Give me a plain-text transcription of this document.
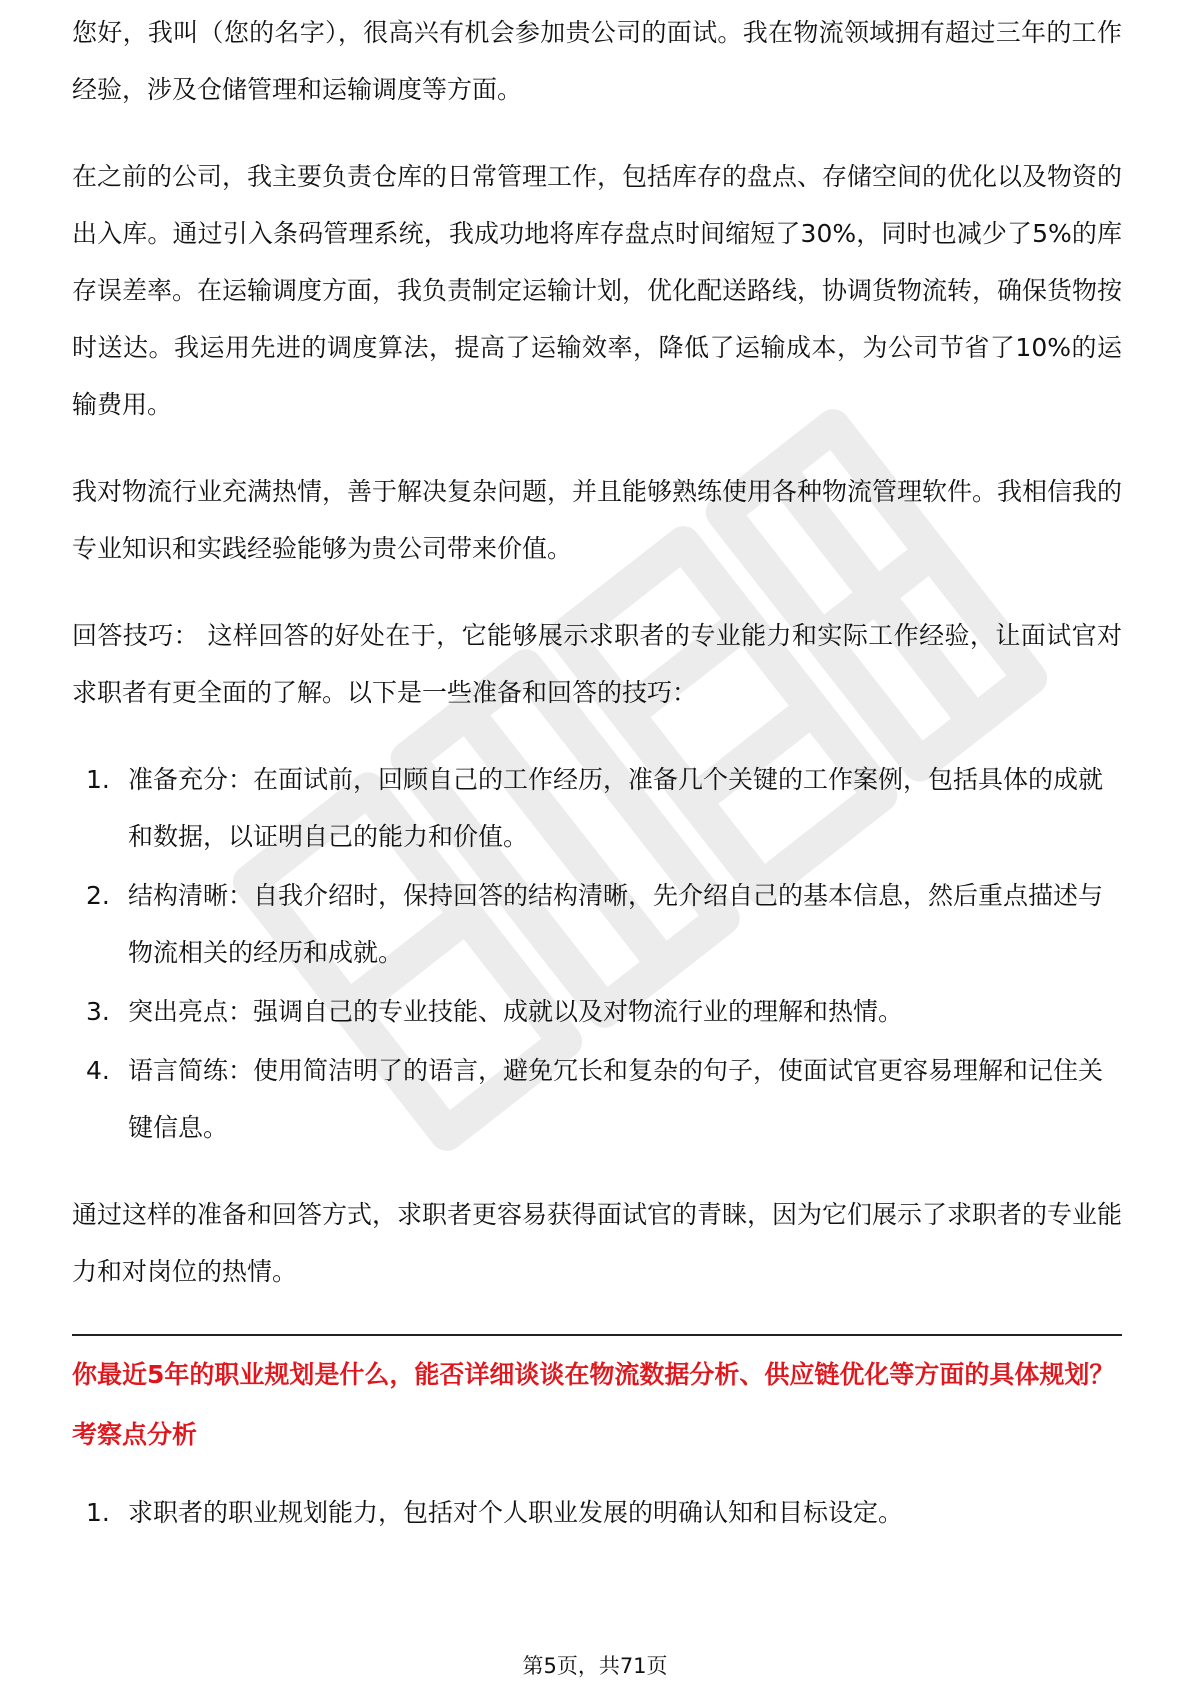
您好，我叫（您的名字），很高兴有机会参加贵公司的面试。我在物流领域拥有超过三年的工作经验，涉及仓储管理和运输调度等方面。

在之前的公司，我主要负责仓库的日常管理工作，包括库存的盘点、存储空间的优化以及物资的出入库。通过引入条码管理系统，我成功地将库存盘点时间缩短了30%，同时也减少了5%的库存误差率。在运输调度方面，我负责制定运输计划，优化配送路线，协调货物流转，确保货物按时送达。我运用先进的调度算法，提高了运输效率，降低了运输成本，为公司节省了10%的运输费用。

我对物流行业充满热情，善于解决复杂问题，并且能够熟练使用各种物流管理软件。我相信我的专业知识和实践经验能够为贵公司带来价值。

回答技巧： 这样回答的好处在于，它能够展示求职者的专业能力和实际工作经验，让面试官对求职者有更全面的了解。以下是一些准备和回答的技巧：

1. 准备充分：在面试前，回顾自己的工作经历，准备几个关键的工作案例，包括具体的成就和数据，以证明自己的能力和价值。
2. 结构清晰：自我介绍时，保持回答的结构清晰，先介绍自己的基本信息，然后重点描述与物流相关的经历和成就。
3. 突出亮点：强调自己的专业技能、成就以及对物流行业的理解和热情。
4. 语言简练：使用简洁明了的语言，避免冗长和复杂的句子，使面试官更容易理解和记住关键信息。

通过这样的准备和回答方式，求职者更容易获得面试官的青睐，因为它们展示了求职者的专业能力和对岗位的热情。

你最近5年的职业规划是什么，能否详细谈谈在物流数据分析、供应链优化等方面的具体规划？
考察点分析
1. 求职者的职业规划能力，包括对个人职业发展的明确认知和目标设定。
第5页，共71页
